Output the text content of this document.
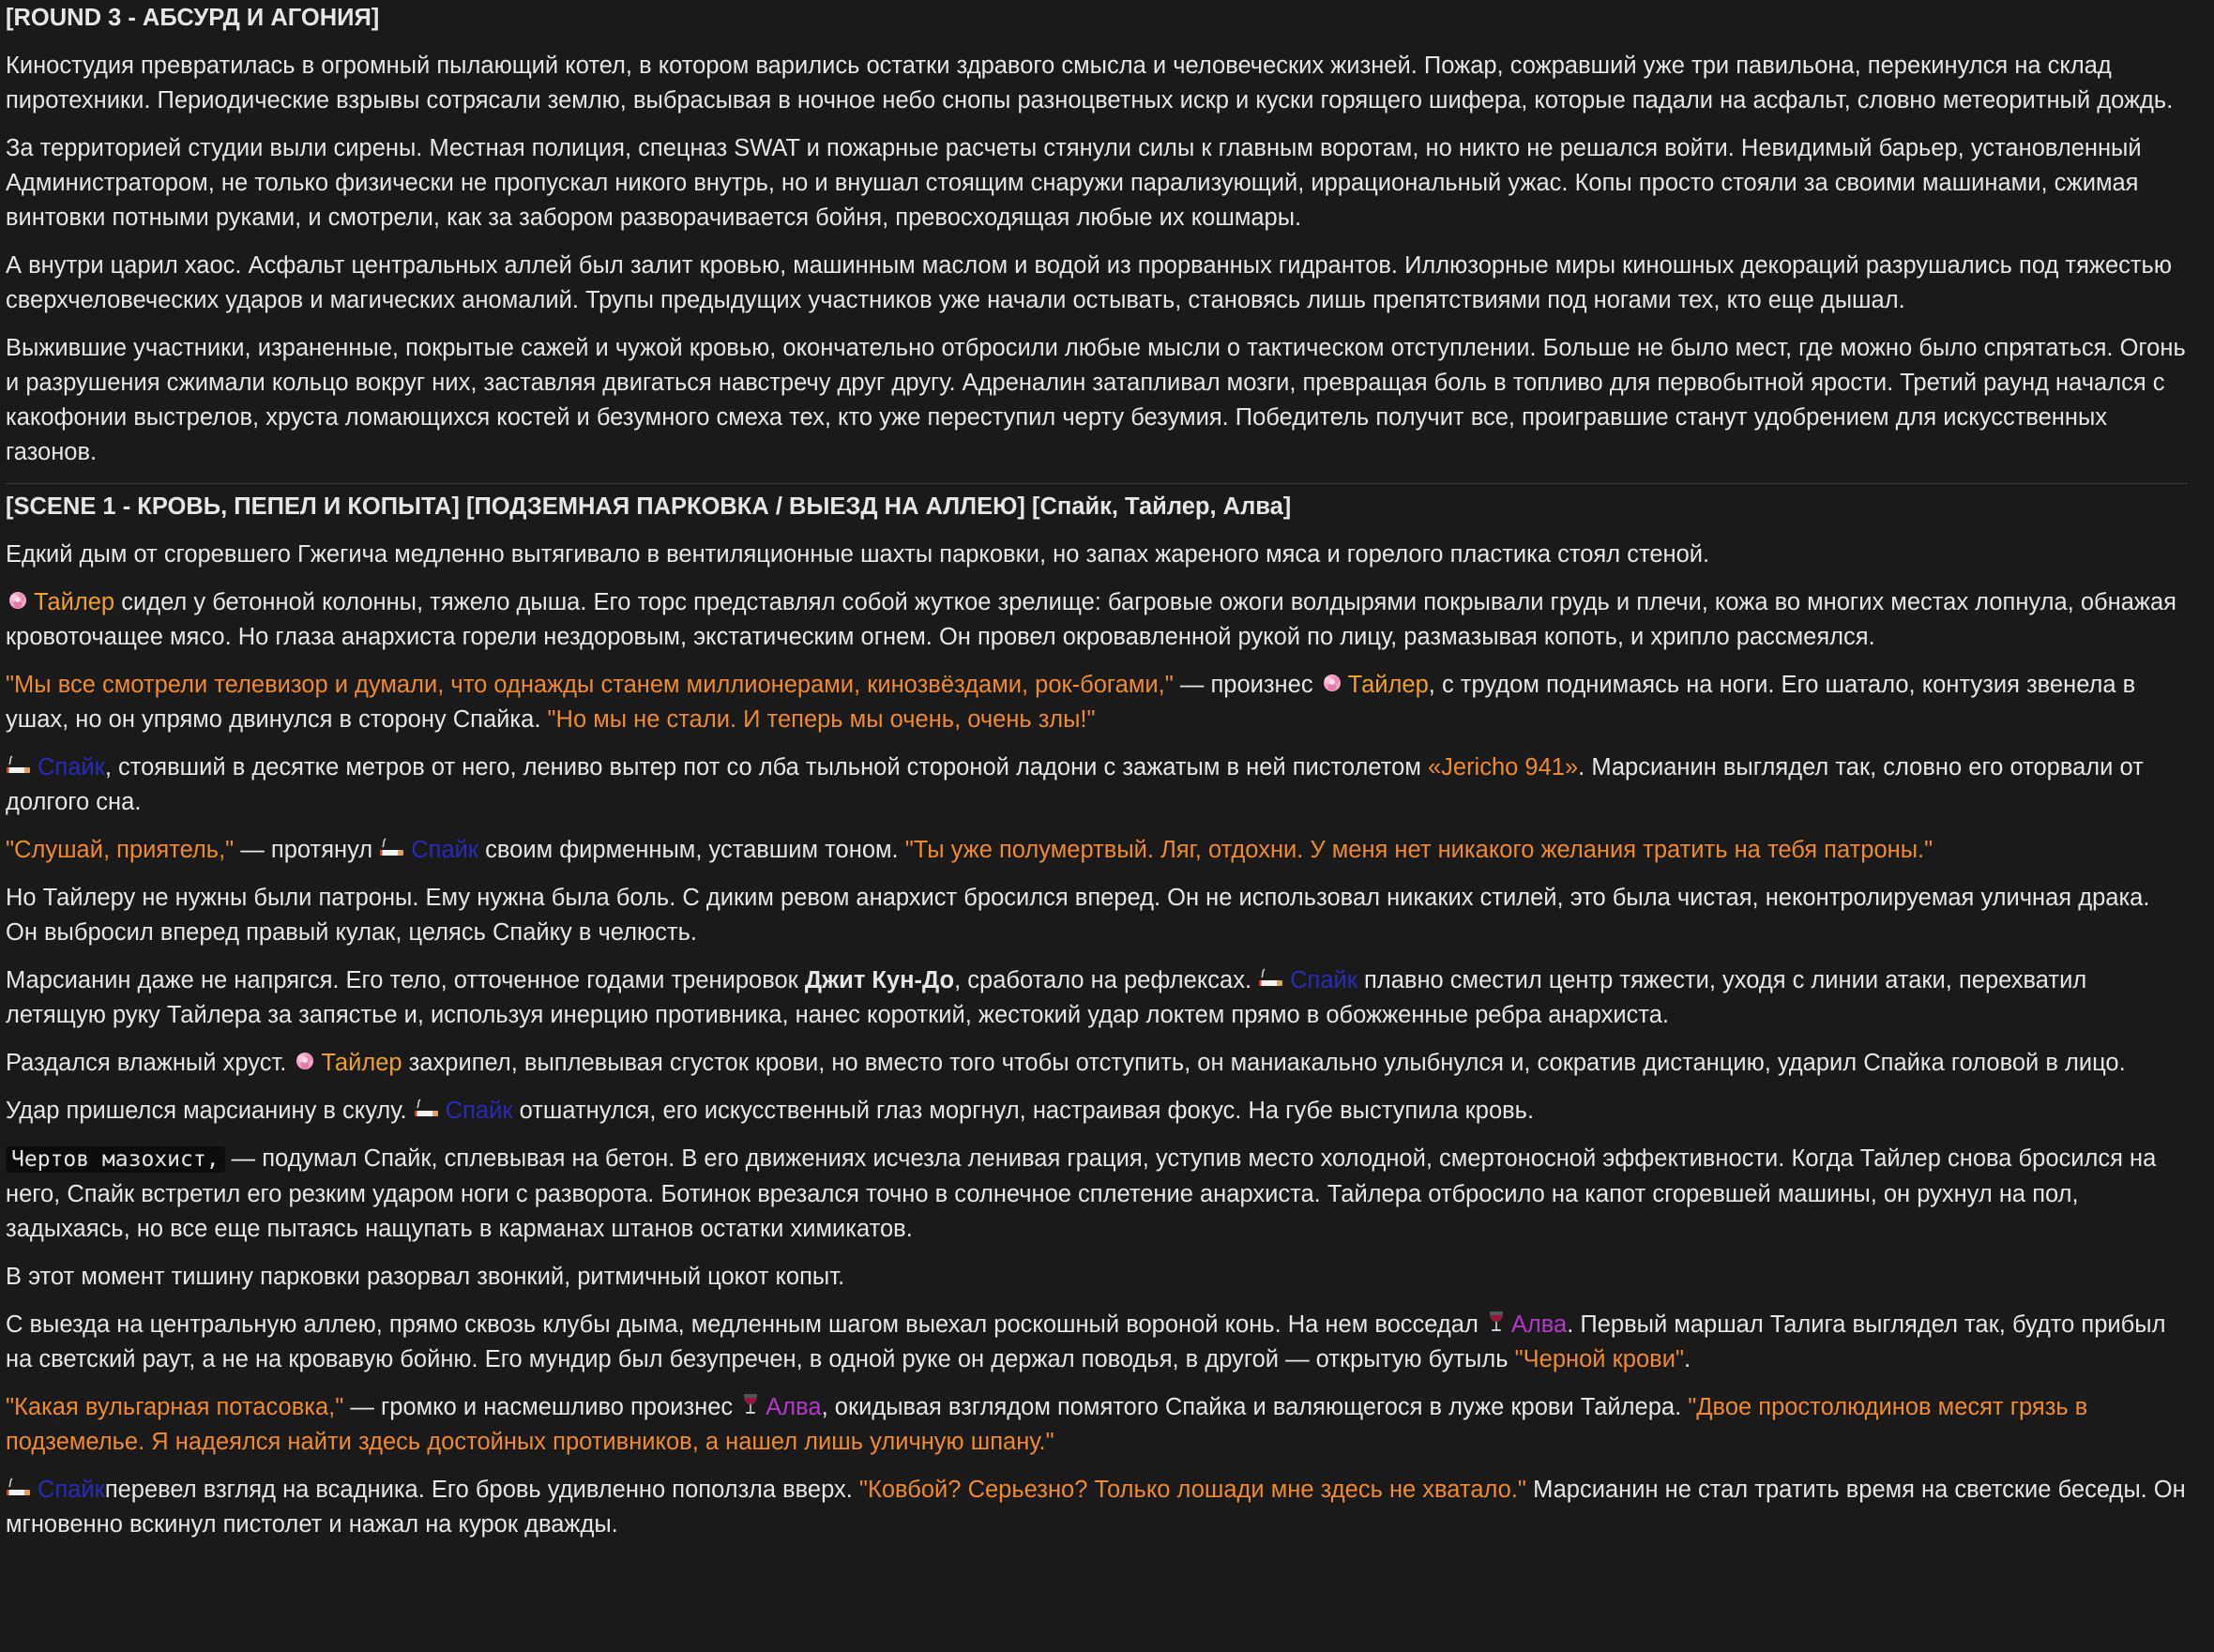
[ROUND 3 - АБСУРД И АГОНИЯ]

Киностудия превратилась в огромный пылающий котел, в котором варились остатки здравого смысла и человеческих жизней. Пожар, сожравший уже три павильона, перекинулся на склад пиротехники. Периодические взрывы сотрясали землю, выбрасывая в ночное небо снопы разноцветных искр и куски горящего шифера, которые падали на асфальт, словно метеоритный дождь.

За территорией студии выли сирены. Местная полиция, спецназ SWAT и пожарные расчеты стянули силы к главным воротам, но никто не решался войти. Невидимый барьер, установленный Администратором, не только физически не пропускал никого внутрь, но и внушал стоящим снаружи парализующий, иррациональный ужас. Копы просто стояли за своими машинами, сжимая винтовки потными руками, и смотрели, как за забором разворачивается бойня, превосходящая любые их кошмары.

А внутри царил хаос. Асфальт центральных аллей был залит кровью, машинным маслом и водой из прорванных гидрантов. Иллюзорные миры киношных декораций разрушались под тяжестью сверхчеловеческих ударов и магических аномалий. Трупы предыдущих участников уже начали остывать, становясь лишь препятствиями под ногами тех, кто еще дышал.

Выжившие участники, израненные, покрытые сажей и чужой кровью, окончательно отбросили любые мысли о тактическом отступлении. Больше не было мест, где можно было спрятаться. Огонь и разрушения сжимали кольцо вокруг них, заставляя двигаться навстречу друг другу. Адреналин затапливал мозги, превращая боль в топливо для первобытной ярости. Третий раунд начался с какофонии выстрелов, хруста ломающихся костей и безумного смеха тех, кто уже переступил черту безумия. Победитель получит все, проигравшие станут удобрением для искусственных газонов.

[SCENE 1 - КРОВЬ, ПЕПЕЛ И КОПЫТА] [ПОДЗЕМНАЯ ПАРКОВКА / ВЫЕЗД НА АЛЛЕЮ] [Спайк, Тайлер, Алва]

Едкий дым от сгоревшего Гжегича медленно вытягивало в вентиляционные шахты парковки, но запах жареного мяса и горелого пластика стоял стеной.

Тайлер сидел у бетонной колонны, тяжело дыша. Его торс представлял собой жуткое зрелище: багровые ожоги волдырями покрывали грудь и плечи, кожа во многих местах лопнула, обнажая кровоточащее мясо. Но глаза анархиста горели нездоровым, экстатическим огнем. Он провел окровавленной рукой по лицу, размазывая копоть, и хрипло рассмеялся.

"Мы все смотрели телевизор и думали, что однажды станем миллионерами, кинозвёздами, рок-богами," — произнес
Тайлер, с трудом поднимаясь на ноги. Его шатало, контузия звенела в ушах, но он упрямо двинулся в сторону Спайка. "Но мы не стали. И теперь мы очень, очень злы!"

Спайк, стоявший в десятке метров от него, лениво вытер пот со лба тыльной стороной ладони с зажатым в ней пистолетом «Jericho 941». Марсианин выглядел так, словно его оторвали от долгого сна.

"Слушай, приятель," — протянул
Спайк своим фирменным, уставшим тоном. "Ты уже полумертвый. Ляг, отдохни. У меня нет никакого желания тратить на тебя патроны."

Но Тайлеру не нужны были патроны. Ему нужна была боль. С диким ревом анархист бросился вперед. Он не использовал никаких стилей, это была чистая, неконтролируемая уличная драка. Он выбросил вперед правый кулак, целясь Спайку в челюсть.

Марсианин даже не напрягся. Его тело, отточенное годами тренировок Джит Кун-До, сработало на рефлексах.
Спайк плавно сместил центр тяжести, уходя с линии атаки, перехватил летящую руку Тайлера за запястье и, используя инерцию противника, нанес короткий, жестокий удар локтем прямо в обожженные ребра анархиста.

Раздался влажный хруст.
Тайлер захрипел, выплевывая сгусток крови, но вместо того чтобы отступить, он маниакально улыбнулся и, сократив дистанцию, ударил Спайка головой в лицо.

Удар пришелся марсианину в скулу.
Спайк отшатнулся, его искусственный глаз моргнул, настраивая фокус. На губе выступила кровь.

Чертов мазохист, — подумал Спайк, сплевывая на бетон. В его движениях исчезла ленивая грация, уступив место холодной, смертоносной эффективности. Когда Тайлер снова бросился на него, Спайк встретил его резким ударом ноги с разворота. Ботинок врезался точно в солнечное сплетение анархиста. Тайлера отбросило на капот сгоревшей машины, он рухнул на пол, задыхаясь, но все еще пытаясь нащупать в карманах штанов остатки химикатов.

В этот момент тишину парковки разорвал звонкий, ритмичный цокот копыт.

С выезда на центральную аллею, прямо сквозь клубы дыма, медленным шагом выехал роскошный вороной конь. На нем восседал
Алва. Первый маршал Талига выглядел так, будто прибыл на светский раут, а не на кровавую бойню. Его мундир был безупречен, в одной руке он держал поводья, в другой — открытую бутыль "Черной крови".

"Какая вульгарная потасовка," — громко и насмешливо произнес
Алва, окидывая взглядом помятого Спайка и валяющегося в луже крови Тайлера. "Двое простолюдинов месят грязь в подземелье. Я надеялся найти здесь достойных противников, а нашел лишь уличную шпану."

Спайкперевел взгляд на всадника. Его бровь удивленно поползла вверх. "Ковбой? Серьезно? Только лошади мне здесь не хватало." Марсианин не стал тратить время на светские беседы. Он мгновенно вскинул пистолет и нажал на курок дважды.
